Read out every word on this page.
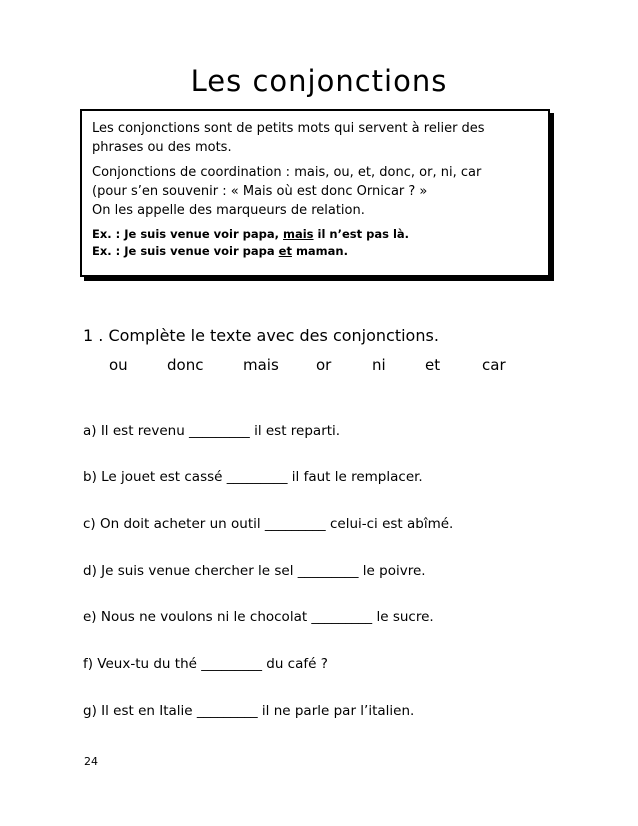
Les conjonctions

Les conjonctions sont de petits mots qui servent à relier des phrases ou des mots.

Conjonctions de coordination : mais, ou, et, donc, or, ni, car
(pour s’en souvenir : « Mais où est donc Ornicar ? »
On les appelle des marqueurs de relation.

Ex. : Je suis venue voir papa, mais il n’est pas là.
Ex. : Je suis venue voir papa et maman.
1 . Complète le texte avec des conjonctions.
ou	donc	mais or	ni	et	car
a) Il est revenu _________ il est reparti.
b) Le jouet est cassé _________ il faut le remplacer.
c) On doit acheter un outil _________ celui-ci est abîmé.
d) Je suis venue chercher le sel _________ le poivre.
e) Nous ne voulons ni le chocolat _________ le sucre.
f) Veux-tu du thé _________ du café ?
g) Il est en Italie _________ il ne parle par l’italien.
24
